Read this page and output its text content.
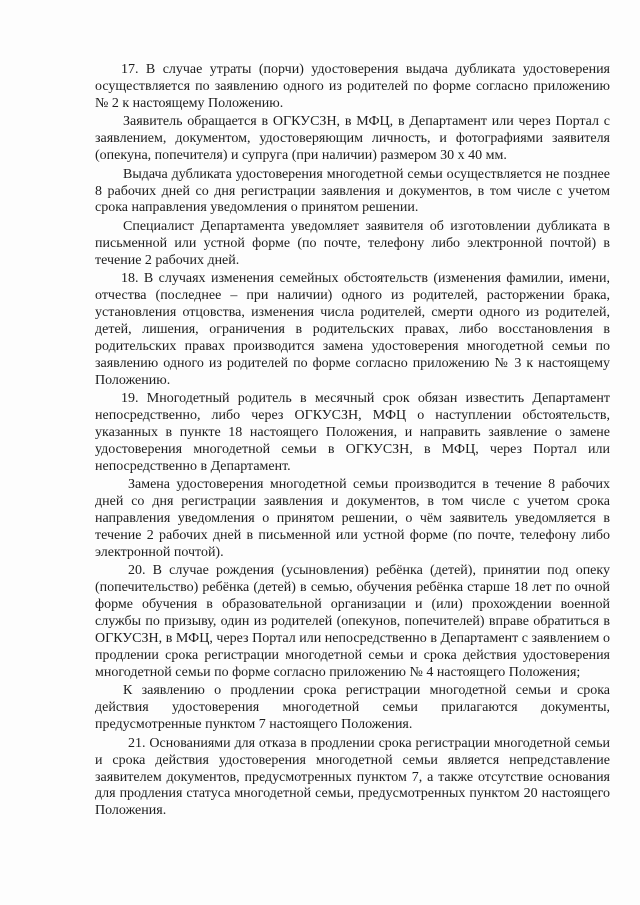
17. В случае утраты (порчи) удостоверения выдача дубликата удостоверения осуществляется по заявлению одного из родителей по форме согласно приложению № 2 к настоящему Положению.

Заявитель обращается в ОГКУСЗН, в МФЦ, в Департамент или через Портал с заявлением, документом, удостоверяющим личность, и фотографиями заявителя (опекуна, попечителя) и супруга (при наличии) размером 30 х 40 мм.

Выдача дубликата удостоверения многодетной семьи осуществляется не позднее 8 рабочих дней со дня регистрации заявления и документов, в том числе с учетом срока направления уведомления о принятом решении.

Специалист Департамента уведомляет заявителя об изготовлении дубликата в письменной или устной форме (по почте, телефону либо электронной почтой) в течение 2 рабочих дней.

18. В случаях изменения семейных обстоятельств (изменения фамилии, имени, отчества (последнее – при наличии) одного из родителей, расторжении брака, установления отцовства, изменения числа родителей, смерти одного из родителей, детей, лишения, ограничения в родительских правах, либо восстановления в родительских правах производится замена удостоверения многодетной семьи по заявлению одного из родителей по форме согласно приложению № 3 к настоящему Положению.

19. Многодетный родитель в месячный срок обязан известить Департамент непосредственно, либо через ОГКУСЗН, МФЦ о наступлении обстоятельств, указанных в пункте 18 настоящего Положения, и направить заявление о замене удостоверения многодетной семьи в ОГКУСЗН, в МФЦ, через Портал или непосредственно в Департамент.

Замена удостоверения многодетной семьи производится в течение 8 рабочих дней со дня регистрации заявления и документов, в том числе с учетом срока направления уведомления о принятом решении, о чём заявитель уведомляется в течение 2 рабочих дней в письменной или устной форме (по почте, телефону либо электронной почтой).

20. В случае рождения (усыновления) ребёнка (детей), принятии под опеку (попечительство) ребёнка (детей) в семью, обучения ребёнка старше 18 лет по очной форме обучения в образовательной организации и (или) прохождении военной службы по призыву, один из родителей (опекунов, попечителей) вправе обратиться в ОГКУСЗН, в МФЦ, через Портал или непосредственно в Департамент с заявлением о продлении срока регистрации многодетной семьи и срока действия удостоверения многодетной семьи по форме согласно приложению № 4 настоящего Положения;

К заявлению о продлении срока регистрации многодетной семьи и срока действия удостоверения многодетной семьи прилагаются документы, предусмотренные пунктом 7 настоящего Положения.

21. Основаниями для отказа в продлении срока регистрации многодетной семьи и срока действия удостоверения многодетной семьи является непредставление заявителем документов, предусмотренных пунктом 7, а также отсутствие основания для продления статуса многодетной семьи, предусмотренных пунктом 20 настоящего Положения.
